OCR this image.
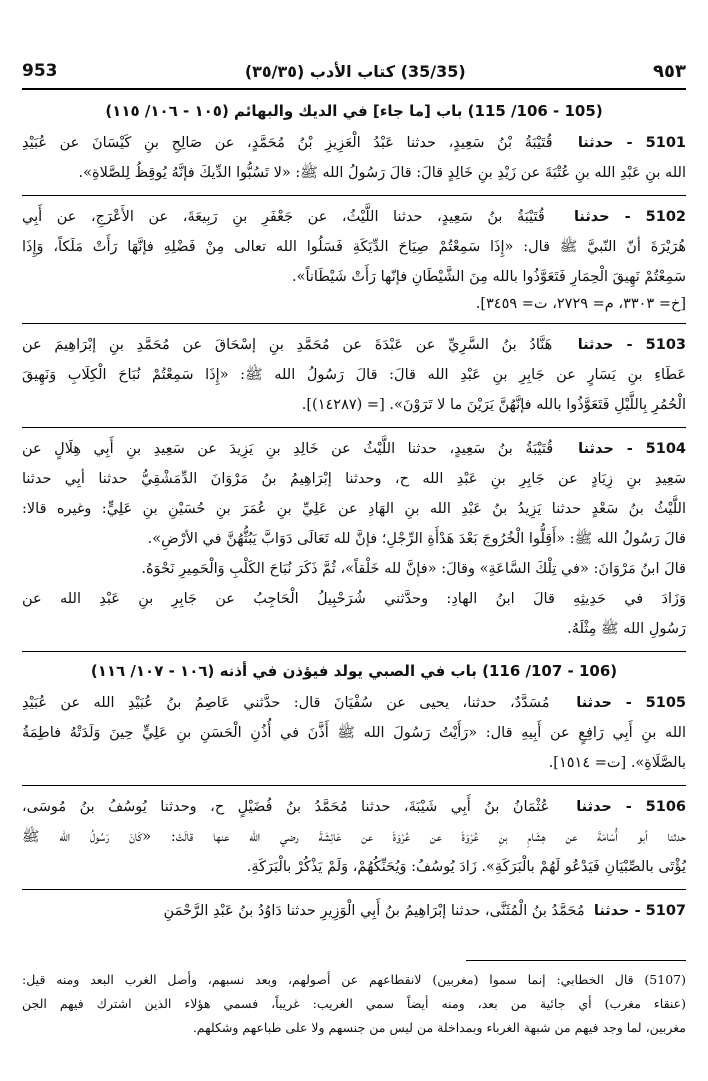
953	(35/35) كتاب الأدب (٣٥/٣٥)	٩٥٣
(105 - 106/ 115) باب [ما جاء] في الديك والبهائم (١٠٥ - ١٠٦/ ١١٥)
5101 - حدثنا  قُتَيْبَةُ بْنُ سَعِيدٍ، حدثنا عَبْدُ الْعَزِيزِ بْنُ مُحَمَّدٍ، عن صَالِحِ بنِ كَيْسَانَ عن عُبَيْدِ
الله بنِ عَبْدِ الله بنِ عُتْبَةَ عن زَيْدِ بنِ خَالِدٍ قالَ: قالَ رَسُولُ الله ﷺ: «لا تَسُبُّوا الدِّيكَ فإنَّهُ يُوقِظُ لِلصَّلاةِ».
5102 - حدثنا  قُتَيْبَةُ بنُ سَعِيدٍ، حدثنا اللَّيْثُ، عن جَعْفَرِ بنِ رَبِيعَةَ، عن الأَعْرَجِ، عن أَبِي
هُرَيْرَةَ أنّ النّبيَّ ﷺ قال: «إِذَا سَمِعْتُمْ صِيَاحَ الدِّيَكَةِ فَسَلُوا الله تعالى مِنْ فَضْلِهِ فإنَّهَا رَأَتْ مَلَكاً، وَإِذَا
سَمِعْتُمْ نَهِيقَ الْحِمَارِ فَتَعَوَّذُوا بالله مِنَ الشَّيْطَانِ فإنّها رَأَتْ شَيْطَاناً».
[خ= ٣٣٠٣، م= ٢٧٢٩، ت= ٣٤٥٩].
5103 - حدثنا  هَنَّادُ بنُ السَّرِيِّ عن عَبْدَةَ عن مُحَمَّدِ بنِ إسْحَاقَ عن مُحَمَّدِ بنِ إبْرَاهِيمَ عن
عَطَاءِ بنِ يَسَارٍ عن جَابِرِ بنِ عَبْدِ الله قالَ: قالَ رَسُولُ الله ﷺ: «إِذَا سَمِعْتُمْ نُبَاحَ الْكِلَابِ وَنَهِيقَ
الْحُمُرِ بِاللَّيْلِ فَتَعَوَّذُوا بالله فإنَّهُنَّ يَرَيْنَ ما لا تَرَوْنَ». [= (١٤٢٨٧)].
5104 - حدثنا  قُتَيْبَةُ بنُ سَعِيدٍ، حدثنا اللَّيْثُ عن خَالِدِ بنِ يَزِيدَ عن سَعِيدِ بنِ أَبِي هِلَالٍ عن
سَعِيدِ بنِ زِيَادٍ عن جَابِرِ بنِ عَبْدِ الله ح، وحدثنا إبْرَاهِيمُ بنُ مَرْوَانَ الدِّمَشْقِيُّ حدثنا أبِي حدثنا
اللَّيْثُ بنُ سَعْدٍ حدثنا يَزِيدُ بنُ عَبْدِ الله بنِ الهَادِ عن عَلِيِّ بنِ عُمَرَ بنِ حُسَيْنِ بنِ عَلِيٍّ: وغيره قالا:
قالَ رَسُولُ الله ﷺ: «أَقِلُّوا الْخُرُوجَ بَعْدَ هَدْأَةِ الرِّجْلِ؛ فإنَّ لله تَعَالَى دَوَابَّ يَبُثُّهُنَّ في الأرْضِ».
قالَ ابنُ مَرْوَانَ: «في تِلْكَ السَّاعَةِ» وقالَ: «فإنَّ لله خَلْقاً»، ثُمَّ ذَكَرَ نُبَاحَ الكَلْبِ وَالْحَمِيرِ نَحْوَهُ.
وَزَادَ في حَدِيثِهِ قالَ ابنُ الهادِ: وحدَّثني شُرَحْبِيلُ الْحَاجِبُ عن جَابِرِ بنِ عَبْدِ الله عن
رَسُولِ الله ﷺ مِثْلَهُ.
(106 - 107/ 116) باب في الصبي يولد فيؤذن في أذنه (١٠٦ - ١٠٧/ ١١٦)
5105 - حدثنا  مُسَدَّدٌ، حدثنا، يحيى عن سُفْيَانَ قال: حدَّثني عَاصِمُ بنُ عُبَيْدِ الله عن عُبَيْدِ
الله بنِ أَبِي رَافِعٍ عن أَبِيهِ قال: «رَأَيْتُ رَسُولَ الله ﷺ أَذَّنَ في أُذُنِ الْحَسَنِ بنِ عَلِيٍّ حِينَ وَلَدَتْهُ فاطِمَةُ
بالصَّلَاةِ». [ت= ١٥١٤].
5106 - حدثنا  عُثْمَانُ بنُ أَبِي شَيْبَةَ، حدثنا مُحَمَّدُ بنُ فُضَيْلٍ ح، وحدثنا يُوسُفُ بنُ مُوسَى،
حدثنا أبو أُسَامَةَ عن هِشَامِ بنِ عُرْوَةَ عن عُرْوَةَ عن عَائِشَةَ رضي الله عنها قالَتْ: «كَانَ رَسُولُ الله ﷺ
يُؤْتَى بالصِّبْيَانِ فَيَدْعُو لَهُمْ بالْبَرَكَةِ». زَادَ يُوسُفُ: وَيُحَنِّكُهُمْ، وَلَمْ يَذْكُرْ بالْبَرَكَةِ.
5107 - حدثنا  مُحَمَّدُ بنُ الْمُثَنَّى، حدثنا إبْرَاهِيمُ بنُ أَبِي الْوَزِيرِ حدثنا دَاوُدُ بنُ عَبْدِ الرَّحْمَنِ
(5107) قال الخطابي: إنما سموا (مغربين) لانقطاعهم عن أصولهم، وبعد نسبهم، وأصل الغرب البعد ومنه قيل:
(عنقاء مغرب) أي جائية من بعد، ومنه أيضاً سمي الغريب: غريباً، فسمي هؤلاء الذين اشترك فيهم الجن
مغربين، لما وجد فيهم من شبهة الغرباء وبمداخلة من ليس من جنسهم ولا على طباعهم وشكلهم.
